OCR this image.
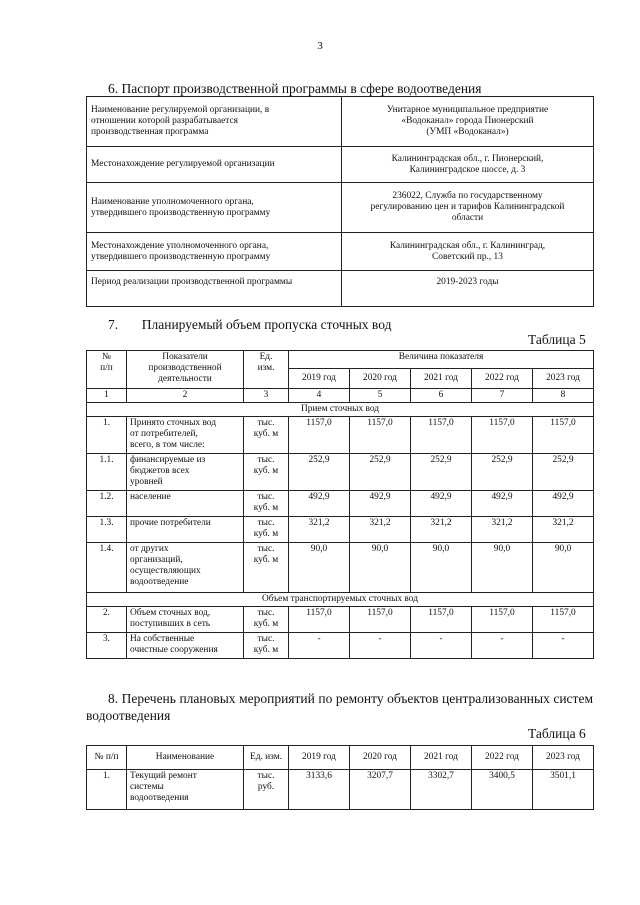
3
6. Паспорт производственной программы в сфере водоотведения
Наименование регулируемой организации, в
отношении которой разрабатывается
производственная программа	Унитарное муниципальное предприятие
«Водоканал» города Пионерский
(УМП «Водоканал»)
Местонахождение регулируемой организации	Калининградская обл., г. Пионерский,
Калининградское шоссе, д. 3
Наименование уполномоченного органа,
утвердившего производственную программу	236022, Служба по государственному
регулированию цен и тарифов Калининградской
области
Местонахождение уполномоченного органа,
утвердившего производственную программу	Калининградская обл., г. Калининград,
Советский пр., 13
Период реализации производственной программы	2019-2023 годы
7.       Планируемый объем пропуска сточных вод
Таблица 5
№
п/п	Показатели
производственной
деятельности	Ед.
изм.	Величина показателя				
			2019 год	2020 год	2021 год	2022 год	2023 год
1	2	3	4	5	6	7	8
Прием сточных вод							
1.	Принято сточных вод
от потребителей,
всего, в том числе:	тыс.
куб. м	1157,0	1157,0	1157,0	1157,0	1157,0
1.1.	финансируемые из
бюджетов всех
уровней	тыс.
куб. м	252,9	252,9	252,9	252,9	252,9
1.2.	население	тыс.
куб. м	492,9	492,9	492,9	492,9	492,9
1.3.	прочие потребители	тыс.
куб. м	321,2	321,2	321,2	321,2	321,2
1.4.	от других
организаций,
осуществляющих
водоотведение	тыс.
куб. м	90,0	90,0	90,0	90,0	90,0
Объем транспортируемых сточных вод							
2.	Объем сточных вод,
поступивших в сеть	тыс.
куб. м	1157,0	1157,0	1157,0	1157,0	1157,0
3.	На собственные
очистные сооружения	тыс.
куб. м	-	-	-	-	-
8. Перечень плановых мероприятий по ремонту объектов централизованных систем водоотведения
Таблица 6
№ п/п	Наименование	Ед. изм.	2019 год	2020 год	2021 год	2022 год	2023 год
1.	Текущий ремонт
системы
водоотведения	тыс.
руб.	3133,6	3207,7	3302,7	3400,5	3501,1
